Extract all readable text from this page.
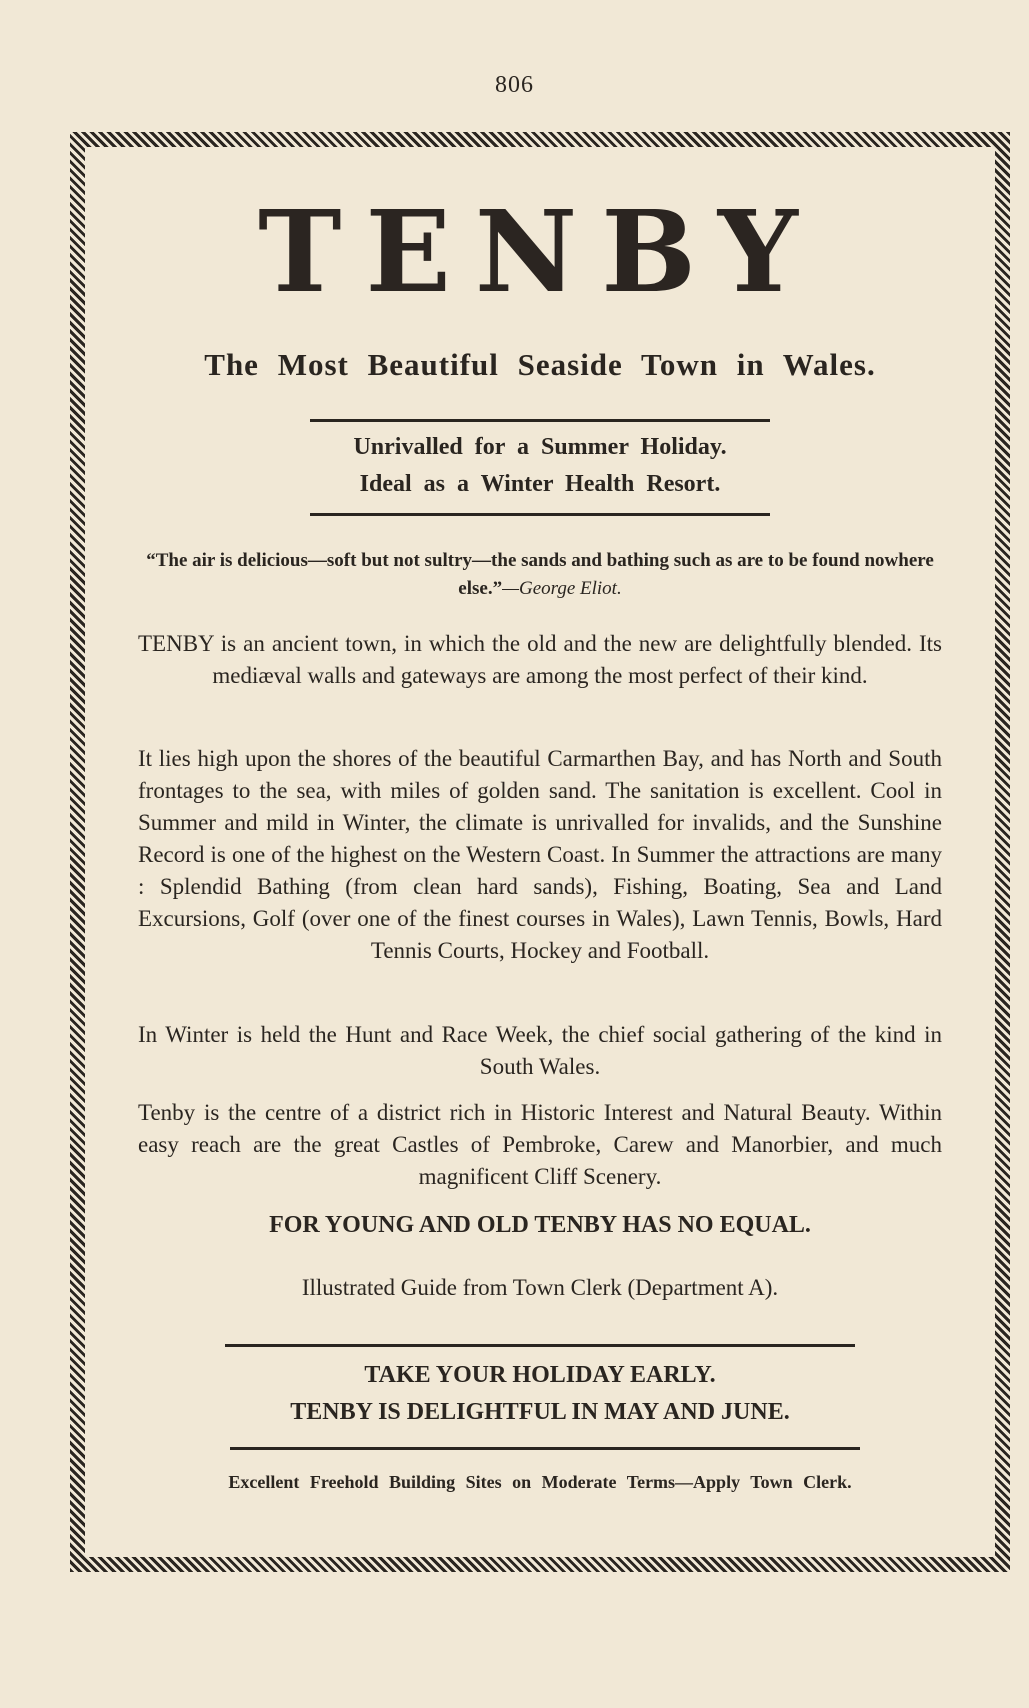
806
TENBY
The Most Beautiful Seaside Town in Wales.
Unrivalled for a Summer Holiday.
Ideal as a Winter Health Resort.
“The air is delicious—soft but not sultry—the sands and bathing such as are to be found nowhere else.”—George Eliot.
TENBY is an ancient town, in which the old and the new are delightfully blended. Its mediæval walls and gateways are among the most perfect of their kind.
It lies high upon the shores of the beautiful Carmarthen Bay, and has North and South frontages to the sea, with miles of golden sand. The sanitation is excellent. Cool in Summer and mild in Winter, the climate is unrivalled for invalids, and the Sunshine Record is one of the highest on the Western Coast. In Summer the attractions are many : Splendid Bathing (from clean hard sands), Fishing, Boating, Sea and Land Excursions, Golf (over one of the finest courses in Wales), Lawn Tennis, Bowls, Hard Tennis Courts, Hockey and Football.
In Winter is held the Hunt and Race Week, the chief social gathering of the kind in South Wales.
Tenby is the centre of a district rich in Historic Interest and Natural Beauty. Within easy reach are the great Castles of Pembroke, Carew and Manorbier, and much magnificent Cliff Scenery.
FOR YOUNG AND OLD TENBY HAS NO EQUAL.
Illustrated Guide from Town Clerk (Department A).
TAKE YOUR HOLIDAY EARLY.
TENBY IS DELIGHTFUL IN MAY AND JUNE.
Excellent Freehold Building Sites on Moderate Terms—Apply Town Clerk.
